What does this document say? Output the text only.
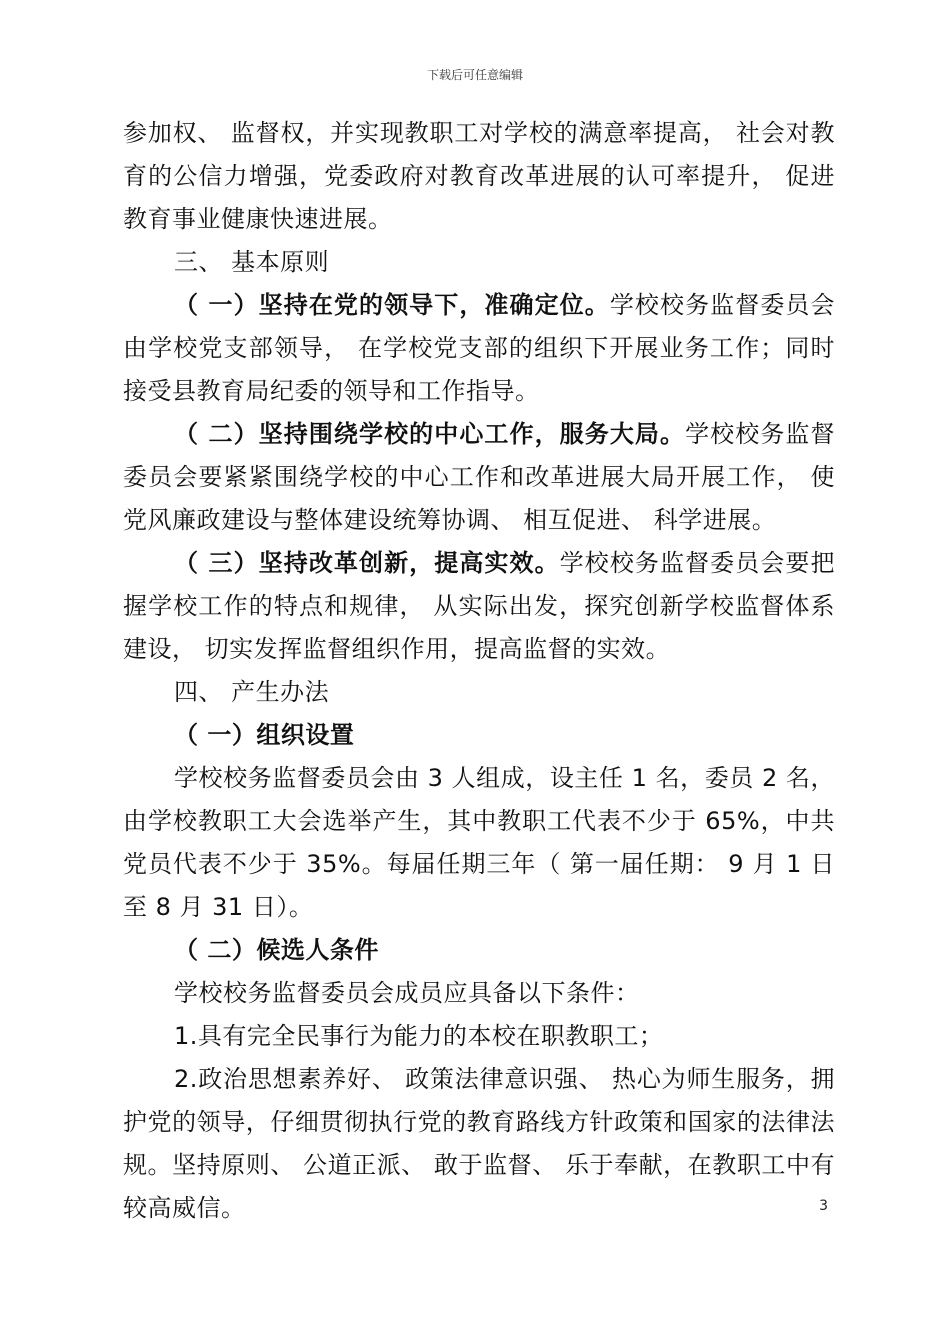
下载后可任意编辑

参加权、 监督权，并实现教职工对学校的满意率提高， 社会对教育的公信力增强，党委政府对教育改革进展的认可率提升， 促进教育事业健康快速进展。

三、 基本原则

（ 一）坚持在党的领导下，准确定位。学校校务监督委员会由学校党支部领导， 在学校党支部的组织下开展业务工作；同时接受县教育局纪委的领导和工作指导。

（ 二）坚持围绕学校的中心工作，服务大局。学校校务监督委员会要紧紧围绕学校的中心工作和改革进展大局开展工作， 使党风廉政建设与整体建设统筹协调、 相互促进、 科学进展。

（ 三）坚持改革创新，提高实效。学校校务监督委员会要把握学校工作的特点和规律， 从实际出发，探究创新学校监督体系建设， 切实发挥监督组织作用，提高监督的实效。

四、 产生办法

（ 一）组织设置

学校校务监督委员会由 3 人组成，设主任 1 名，委员 2 名，由学校教职工大会选举产生，其中教职工代表不少于 65%，中共党员代表不少于 35%。每届任期三年（ 第一届任期： 9 月 1 日至 8 月 31 日）。

（ 二）候选人条件

学校校务监督委员会成员应具备以下条件：

1.具有完全民事行为能力的本校在职教职工；

2.政治思想素养好、 政策法律意识强、 热心为师生服务，拥护党的领导，仔细贯彻执行党的教育路线方针政策和国家的法律法规。坚持原则、 公道正派、 敢于监督、 乐于奉献，在教职工中有较高威信。	3
